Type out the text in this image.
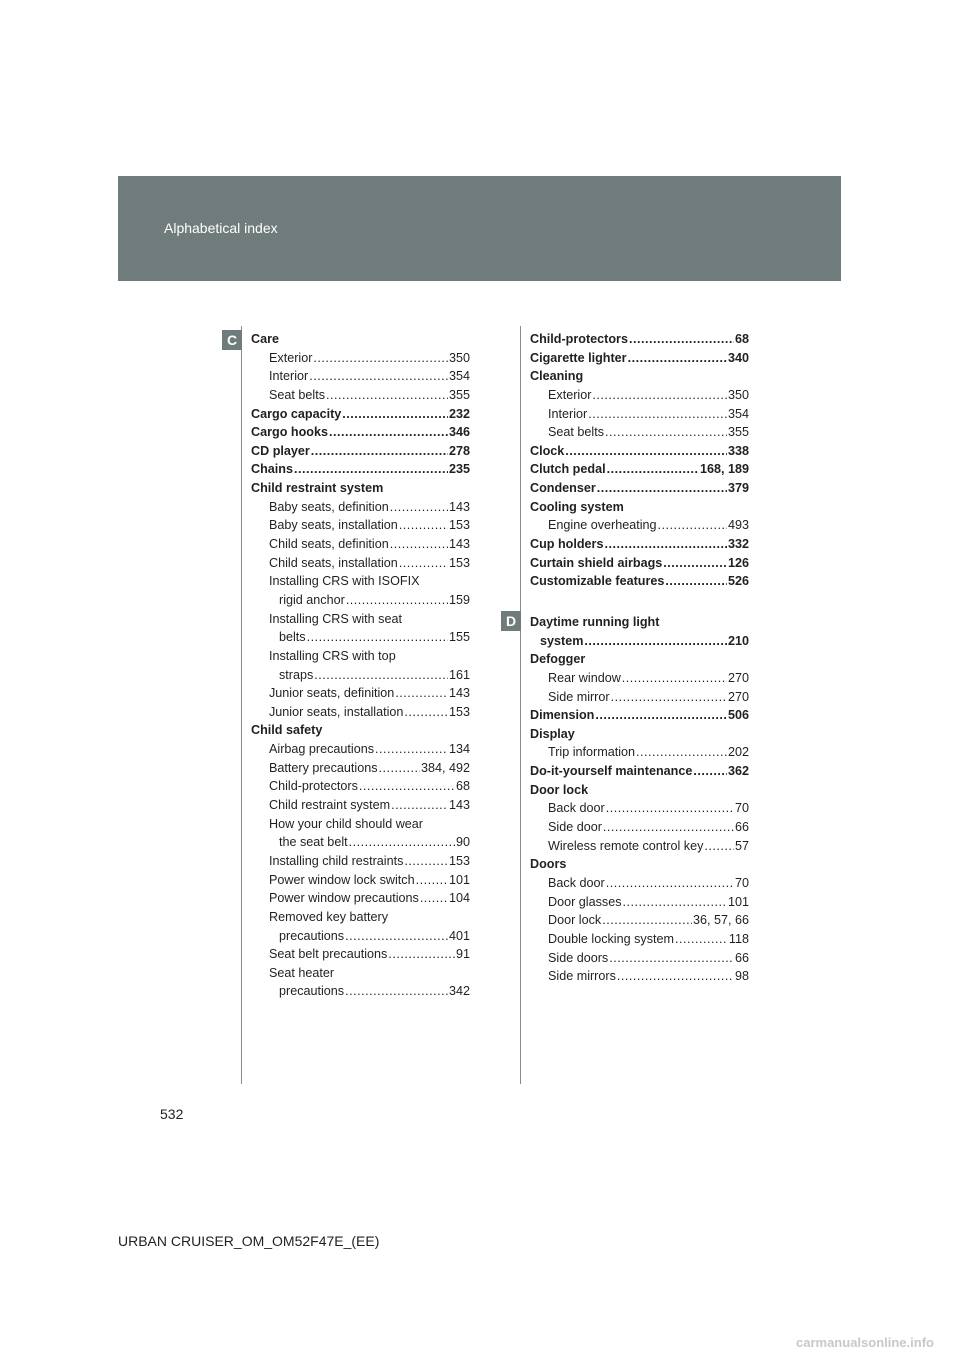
Alphabetical index
C
D
Care
Exterior .....	350
Interior .....	354
Seat belts .....	355
Cargo capacity .....	232
Cargo hooks .....	346
CD player .....	278
Chains .....	235
Child restraint system
Baby seats, definition .....	143
Baby seats, installation .....	153
Child seats, definition .....	143
Child seats, installation .....	153
Installing CRS with ISOFIX
rigid anchor .....	159
Installing CRS with seat
belts .....	155
Installing CRS with top
straps .....	161
Junior seats, definition .....	143
Junior seats, installation .....	153
Child safety
Airbag precautions .....	134
Battery precautions .....	384, 492
Child-protectors .....	68
Child restraint system .....	143
How your child should wear
the seat belt .....	90
Installing child restraints .....	153
Power window lock switch .....	101
Power window precautions ..... 104
Removed key battery
precautions .....	401
Seat belt precautions .....	91
Seat heater
precautions .....	342
Child-protectors .....	68
Cigarette lighter .....	340
Cleaning
Exterior .....	350
Interior .....	354
Seat belts .....	355
Clock .....	338
Clutch pedal .....	168, 189
Condenser .....	379
Cooling system
Engine overheating .....	493
Cup holders .....	332
Curtain shield airbags .....	126
Customizable features .....	526
Daytime running light
system .....	210
Defogger
Rear window .....	270
Side mirror .....	270
Dimension .....	506
Display
Trip information .....	202
Do-it-yourself maintenance .....	362
Door lock
Back door .....	70
Side door .....	66
Wireless remote control key .....	57
Doors
Back door .....	70
Door glasses .....	101
Door lock .....	36, 57, 66
Double locking system .....	118
Side doors .....	66
Side mirrors .....	98
532
URBAN CRUISER_OM_OM52F47E_(EE)
carmanualsonline.info
